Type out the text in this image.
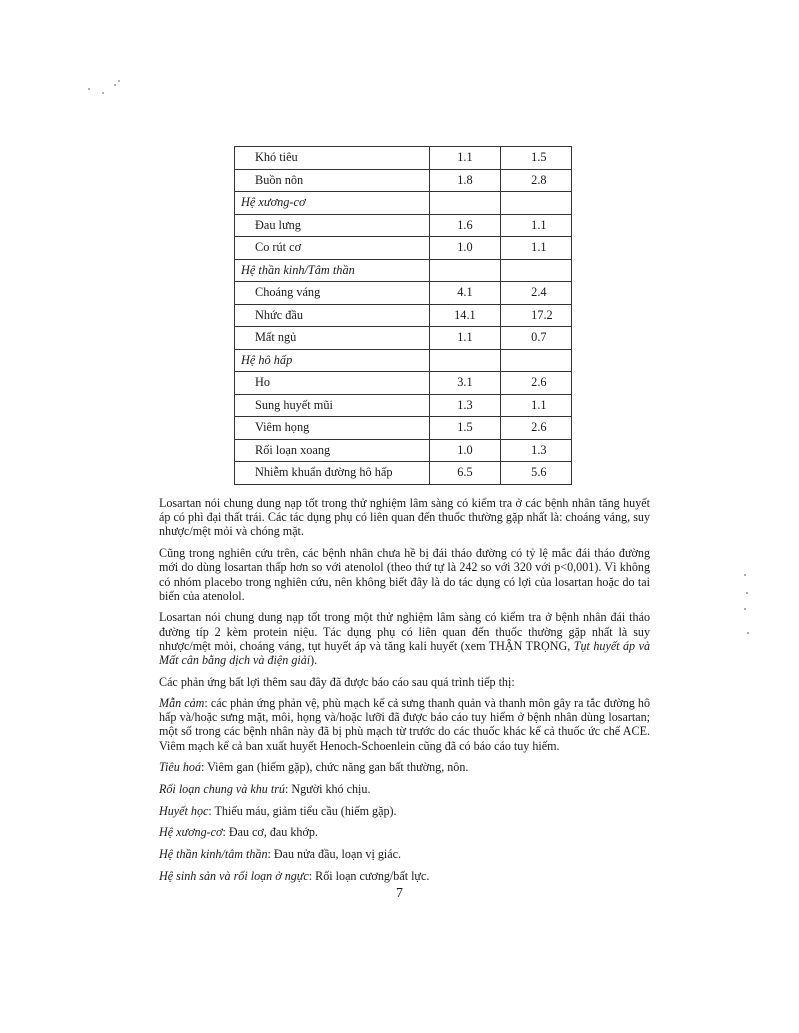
Khó tiêu	1.1	1.5
Buồn nôn	1.8	2.8
Hệ xương-cơ		
Đau lưng	1.6	1.1
Co rút cơ	1.0	1.1
Hệ thần kinh/Tâm thần		
Choáng váng	4.1	2.4
Nhức đầu	14.1	17.2
Mất ngủ	1.1	0.7
Hệ hô hấp		
Ho	3.1	2.6
Sung huyết mũi	1.3	1.1
Viêm họng	1.5	2.6
Rối loạn xoang	1.0	1.3
Nhiễm khuẩn đường hô hấp	6.5	5.6

Losartan nói chung dung nạp tốt trong thử nghiệm lâm sàng có kiểm tra ở các bệnh nhân tăng huyết áp có phì đại thất trái. Các tác dụng phụ có liên quan đến thuốc thường gặp nhất là: choáng váng, suy nhược/mệt mỏi và chóng mặt.

Cũng trong nghiên cứu trên, các bệnh nhân chưa hề bị đái tháo đường có tỷ lệ mắc đái tháo đường mới do dùng losartan thấp hơn so với atenolol (theo thứ tự là 242 so với 320 với p<0,001). Vì không có nhóm placebo trong nghiên cứu, nên không biết đây là do tác dụng có lợi của losartan hoặc do tai biến của atenolol.

Losartan nói chung dung nạp tốt trong một thử nghiệm lâm sàng có kiểm tra ở bệnh nhân đái tháo đường típ 2 kèm protein niệu. Tác dụng phụ có liên quan đến thuốc thường gặp nhất là suy nhược/mệt mỏi, choáng váng, tụt huyết áp và tăng kali huyết (xem THẬN TRỌNG, Tụt huyết áp và Mất cân bằng dịch và điện giải).

Các phản ứng bất lợi thêm sau đây đã được báo cáo sau quá trình tiếp thị:

Mẫn cảm: các phản ứng phản vệ, phù mạch kể cả sưng thanh quản và thanh môn gây ra tắc đường hô hấp và/hoặc sưng mặt, môi, họng và/hoặc lưỡi đã được báo cáo tuy hiếm ở bệnh nhân dùng losartan; một số trong các bệnh nhân này đã bị phù mạch từ trước do các thuốc khác kể cả thuốc ức chế ACE. Viêm mạch kể cả ban xuất huyết Henoch-Schoenlein cũng đã có báo cáo tuy hiếm.

Tiêu hoá: Viêm gan (hiếm gặp), chức năng gan bất thường, nôn.

Rối loạn chung và khu trú: Người khó chịu.

Huyết học: Thiếu máu, giảm tiểu cầu (hiếm gặp).

Hệ xương-cơ: Đau cơ, đau khớp.

Hệ thần kinh/tâm thần: Đau nửa đầu, loạn vị giác.

Hệ sinh sản và rối loạn ở ngực: Rối loạn cương/bất lực.

7
